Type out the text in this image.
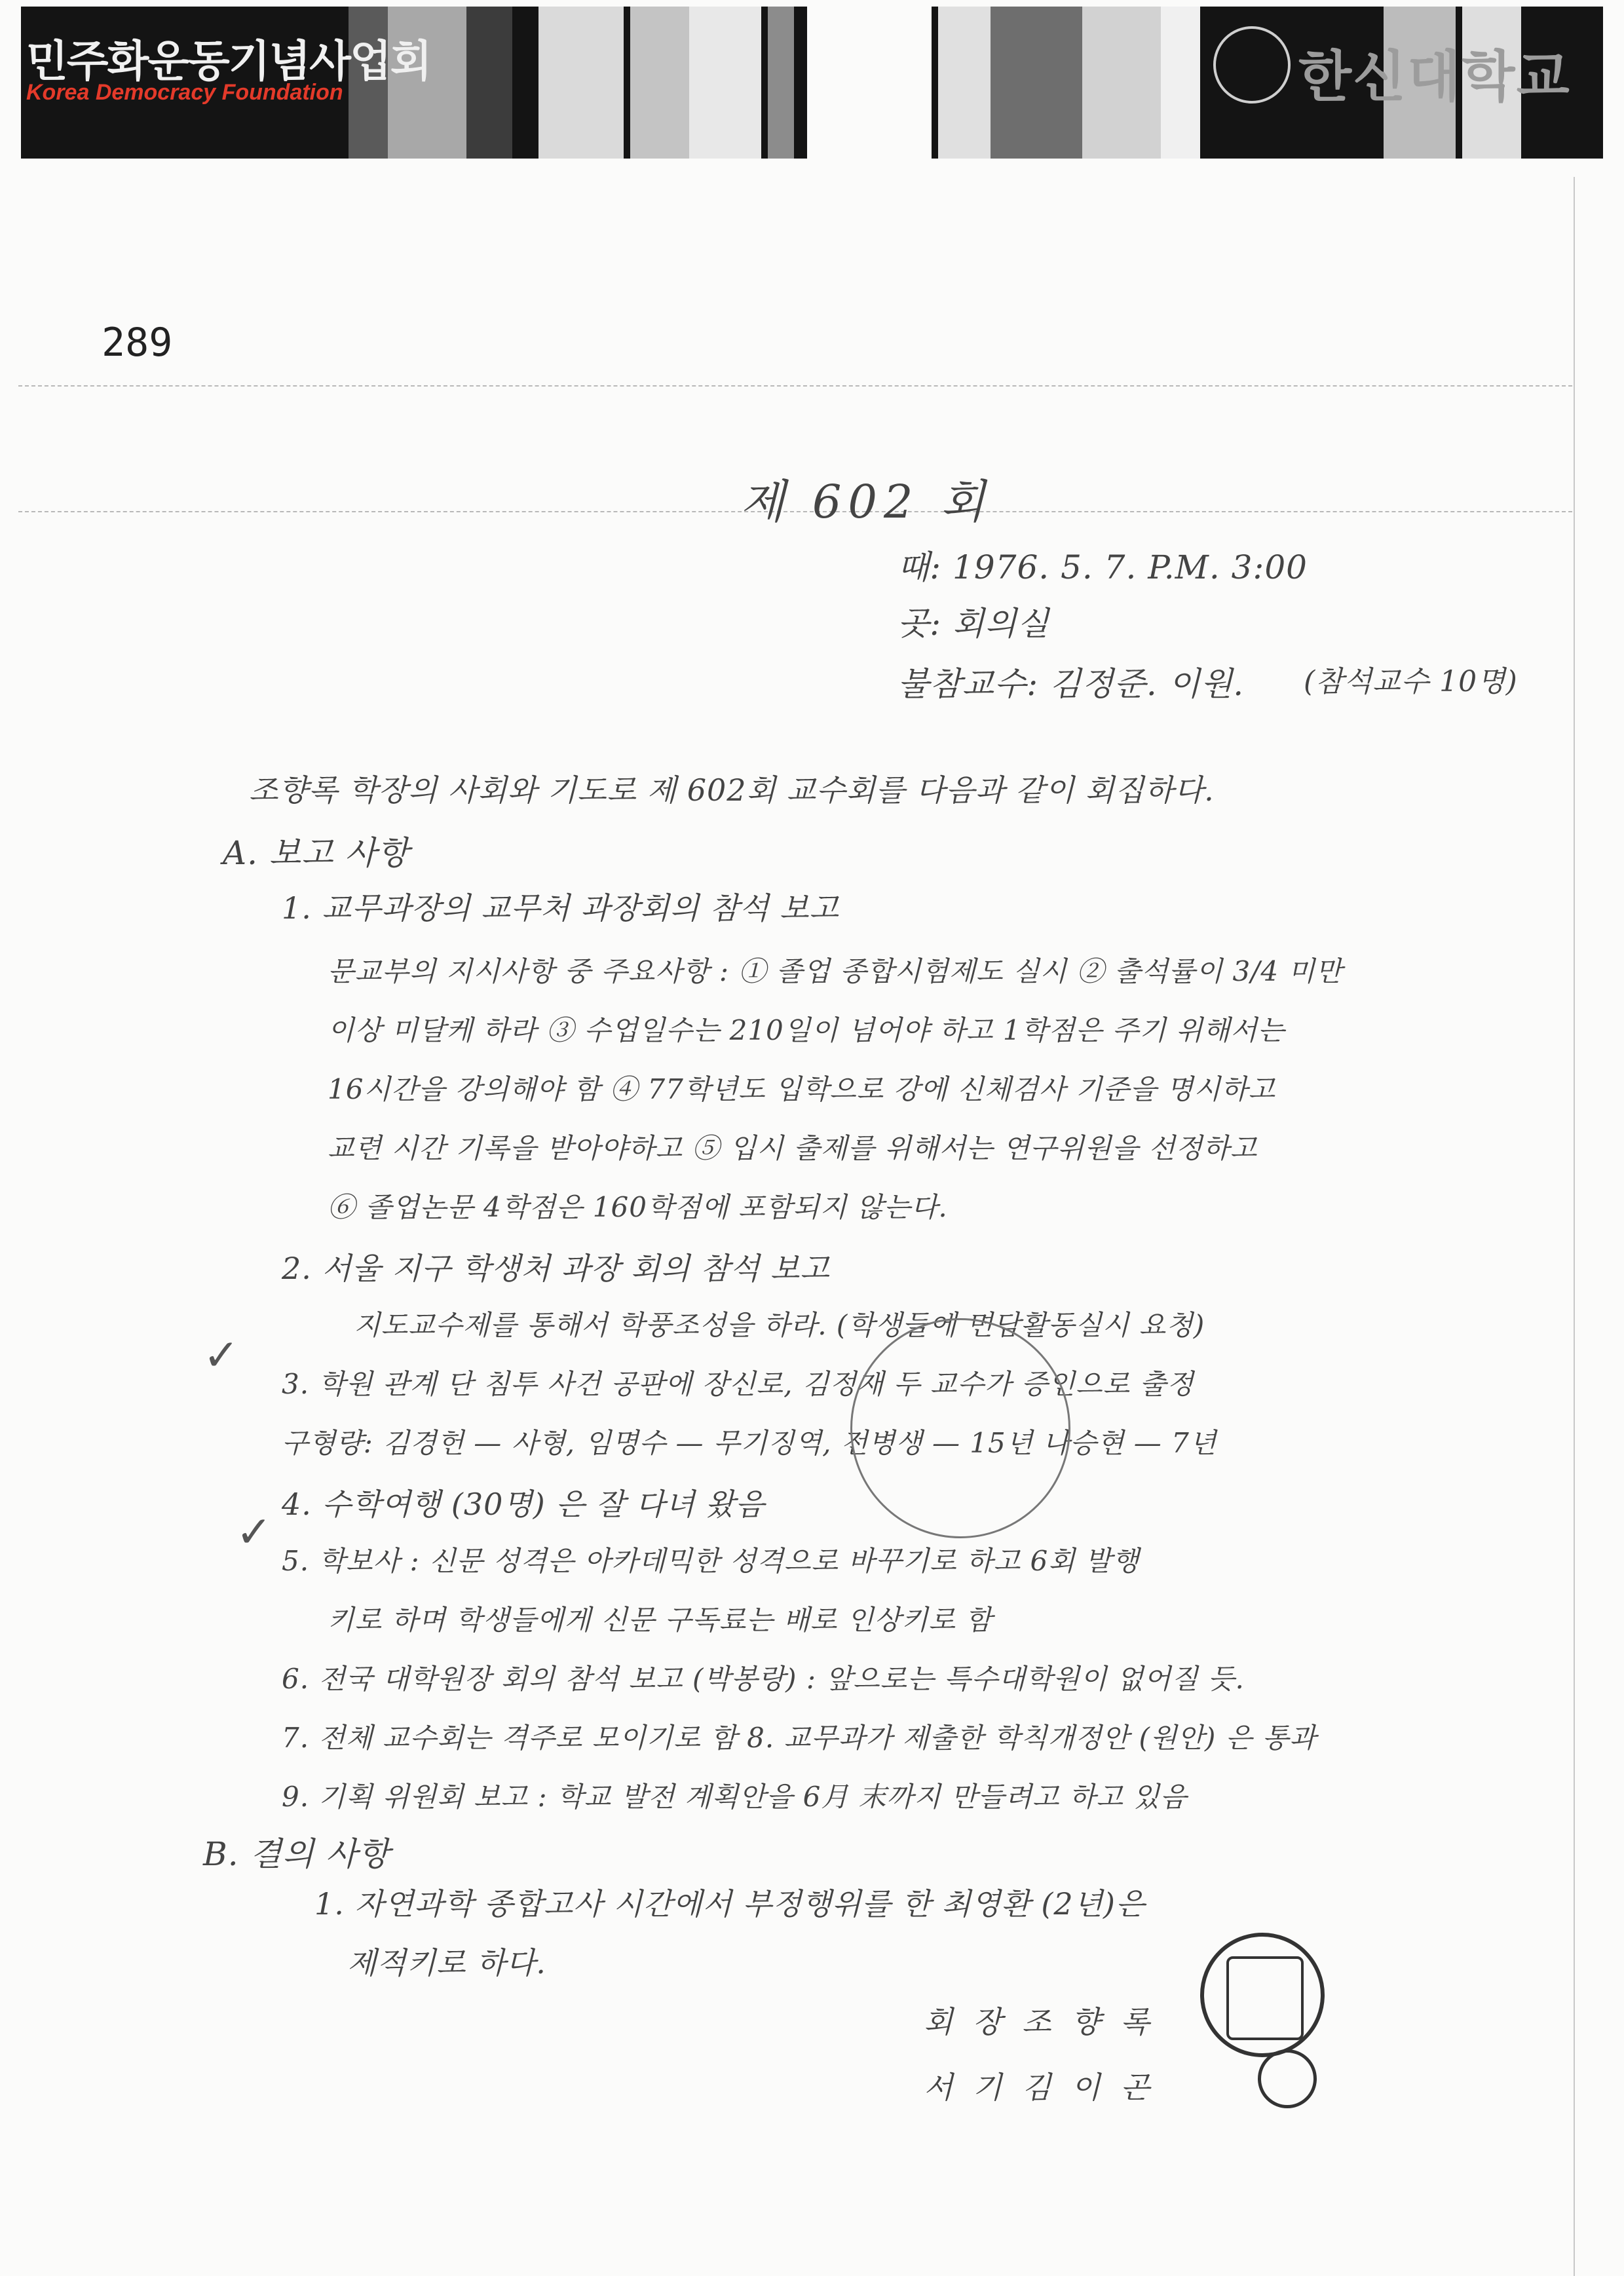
민주화운동기념사업회
Korea Democracy Foundation	한신대학교
289
제 602 회
때: 1976. 5. 7. P.M. 3:00
곳: 회의실
불참교수: 김정준. 이원. (참석교수 10명)
조향록 학장의 사회와 기도로 제 602회 교수회를 다음과 같이 회집하다.
A. 보고 사항
1. 교무과장의 교무처 과장회의 참석 보고
문교부의 지시사항 중 주요사항 : ① 졸업 종합시험제도 실시 ② 출석률이 3/4 미만
이상 미달케 하라 ③ 수업일수는 210일이 넘어야 하고 1학점은 주기 위해서는
16시간을 강의해야 함 ④ 77학년도 입학으로 강에 신체검사 기준을 명시하고
교련 시간 기록을 받아야하고 ⑤ 입시 출제를 위해서는 연구위원을 선정하고
⑥ 졸업논문 4학점은 160학점에 포함되지 않는다.
2. 서울 지구 학생처 과장 회의 참석 보고
지도교수제를 통해서 학풍조성을 하라. (학생들에 면담활동실시 요청)
3. 학원 관계 단 침투 사건 공판에 장신로, 김정재 두 교수가 증인으로 출정
구형량: 김경헌 — 사형, 임명수 — 무기징역, 전병생 — 15년 나승현 — 7년
4. 수학여행 (30명) 은 잘 다녀 왔음
5. 학보사 : 신문 성격은 아카데믹한 성격으로 바꾸기로 하고 6회 발행
키로 하며 학생들에게 신문 구독료는 배로 인상키로 함
6. 전국 대학원장 회의 참석 보고 (박봉랑) : 앞으로는 특수대학원이 없어질 듯.
7. 전체 교수회는 격주로 모이기로 함 8. 교무과가 제출한 학칙개정안 (원안) 은 통과
9. 기획 위원회 보고 : 학교 발전 계획안을 6月 末까지 만들려고 하고 있음
B. 결의 사항
1. 자연과학 종합고사 시간에서 부정행위를 한 최영환 (2년)은
제적키로 하다.
회 장 조 향 록
서 기 김 이 곤
✓
✓
